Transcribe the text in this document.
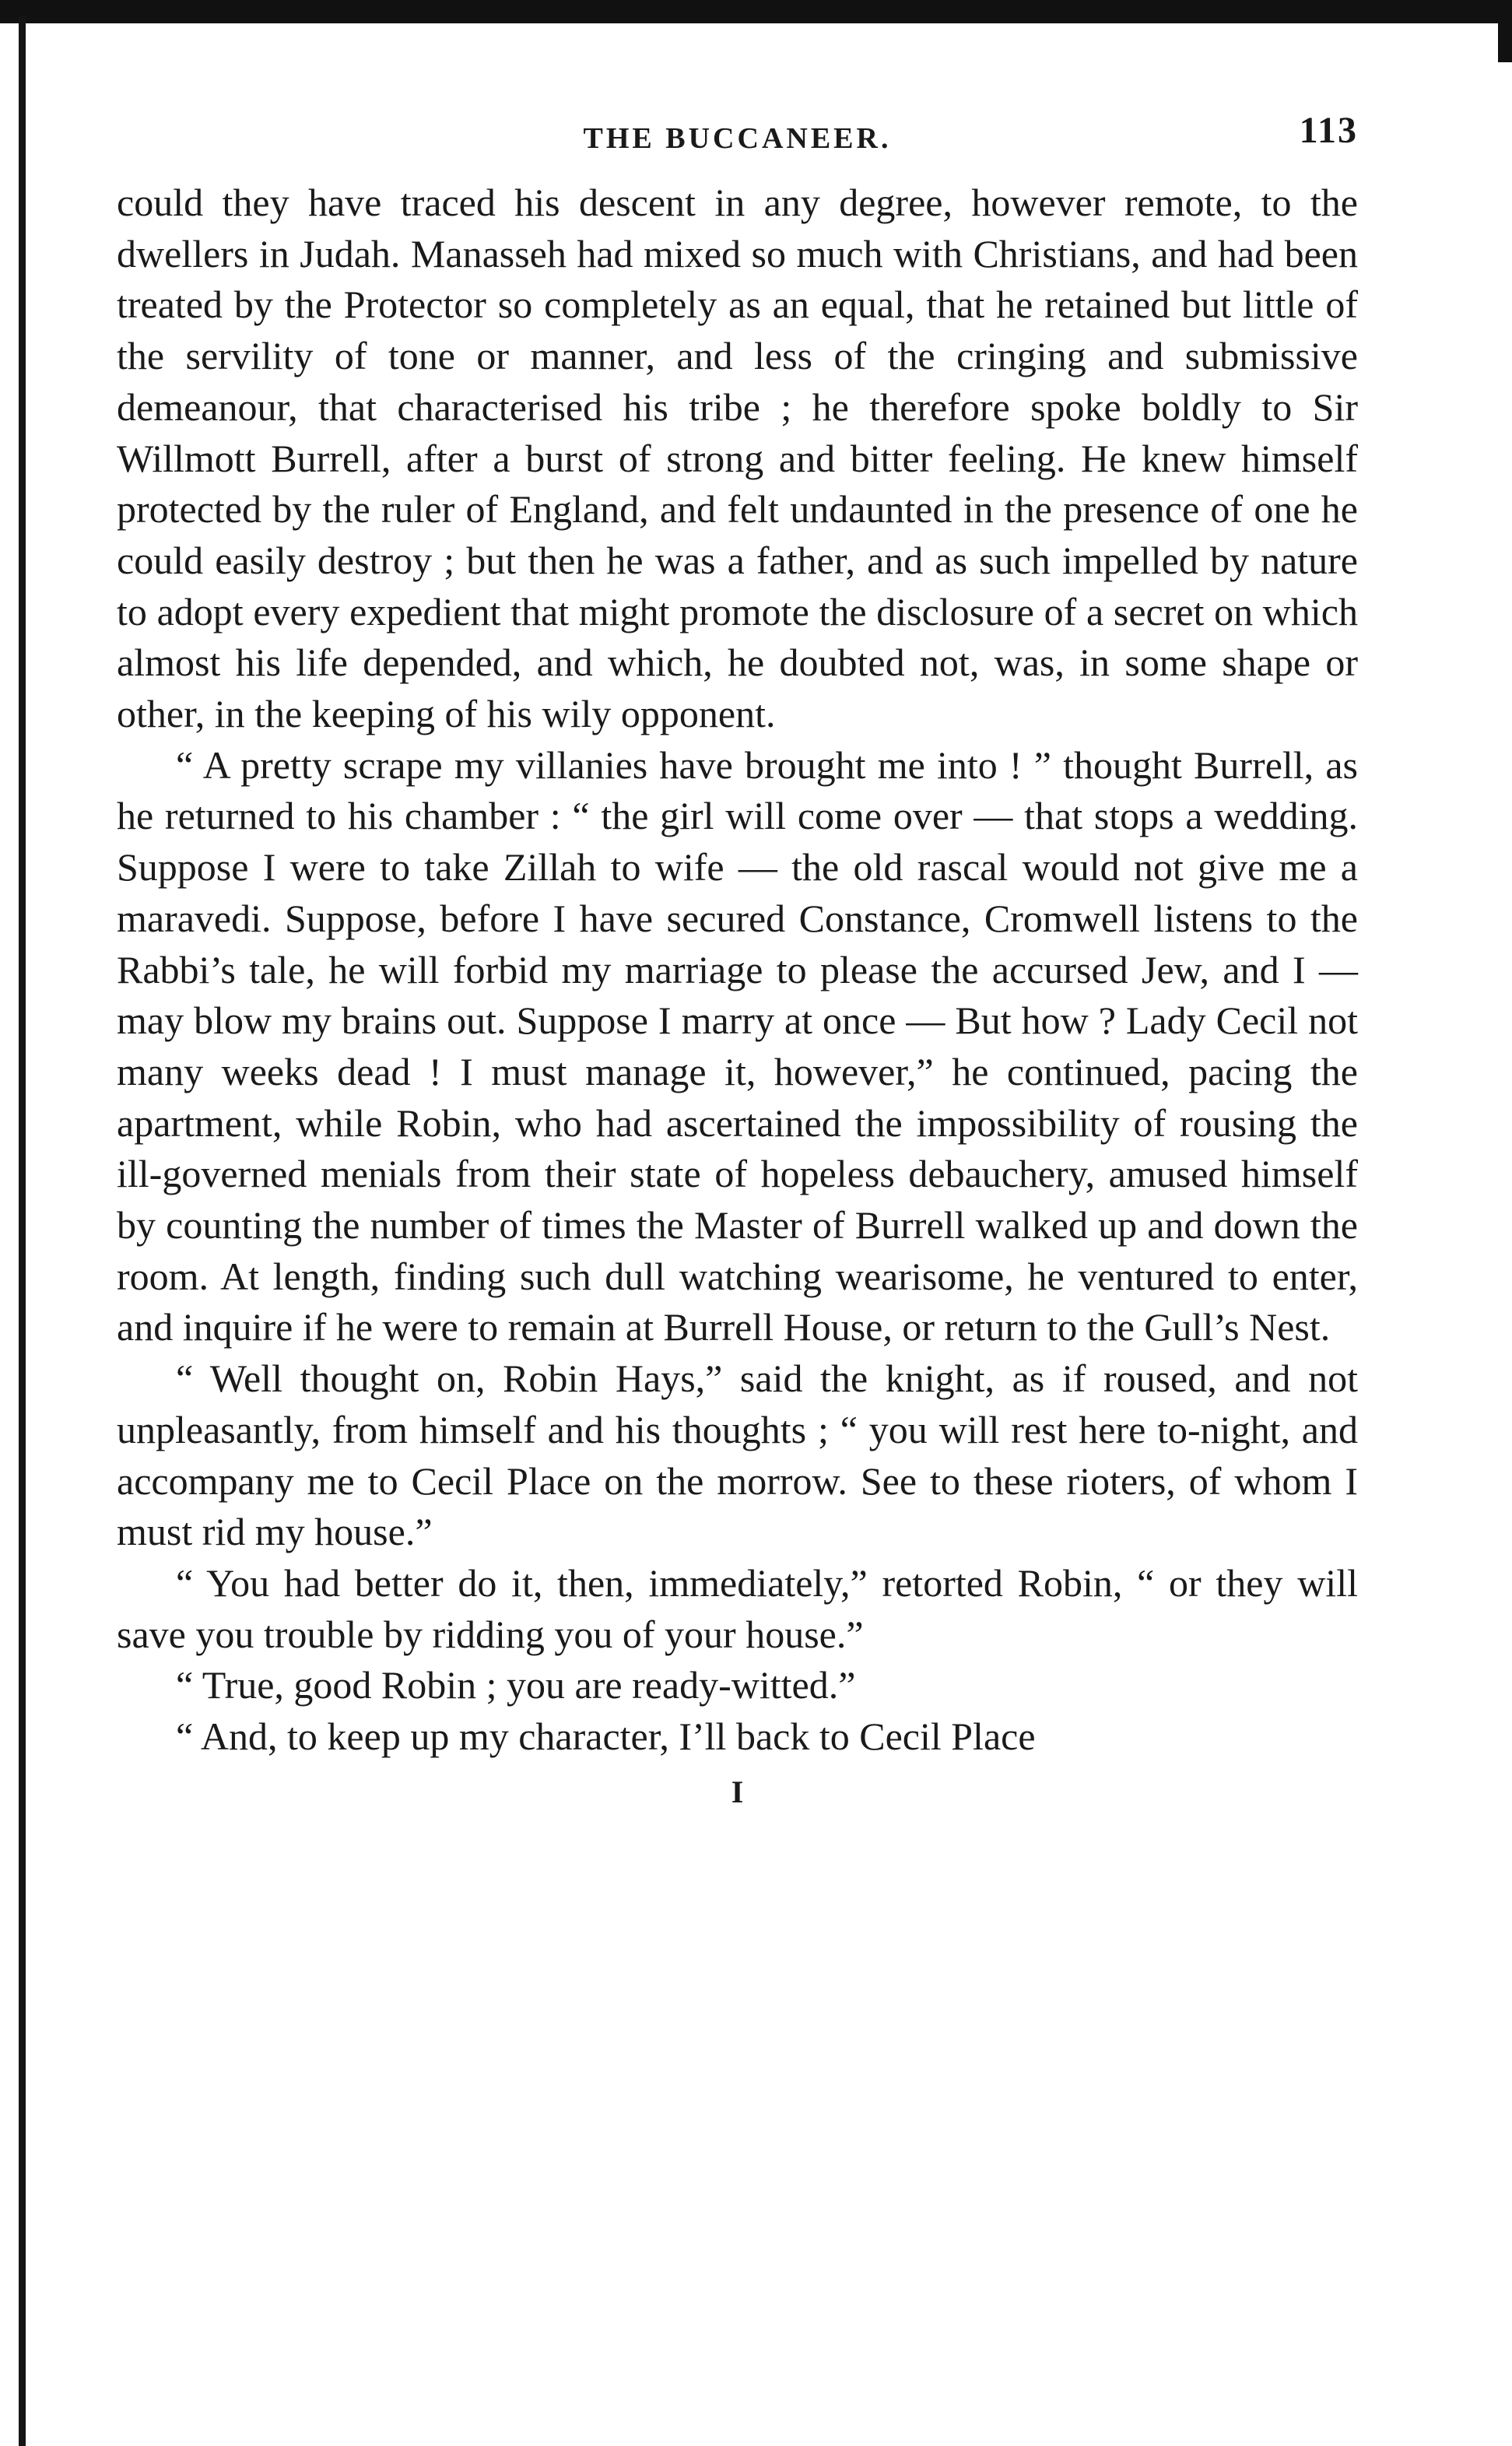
THE BUCCANEER.	113

could they have traced his descent in any degree, however remote, to the dwellers in Judah. Manasseh had mixed so much with Christians, and had been treated by the Protector so completely as an equal, that he retained but little of the servility of tone or manner, and less of the cringing and submissive demeanour, that characterised his tribe ; he therefore spoke boldly to Sir Willmott Burrell, after a burst of strong and bitter feeling. He knew himself protected by the ruler of England, and felt undaunted in the presence of one he could easily destroy ; but then he was a father, and as such impelled by nature to adopt every expedient that might promote the disclosure of a secret on which almost his life depended, and which, he doubted not, was, in some shape or other, in the keeping of his wily opponent.

“ A pretty scrape my villanies have brought me into ! ” thought Burrell, as he returned to his chamber : “ the girl will come over — that stops a wedding. Suppose I were to take Zillah to wife — the old rascal would not give me a maravedi. Suppose, before I have secured Constance, Cromwell listens to the Rabbi’s tale, he will forbid my marriage to please the accursed Jew, and I — may blow my brains out. Suppose I marry at once — But how ? Lady Cecil not many weeks dead ! I must manage it, however,” he continued, pacing the apartment, while Robin, who had ascertained the impossibility of rousing the ill-governed menials from their state of hopeless debauchery, amused himself by counting the number of times the Master of Burrell walked up and down the room. At length, finding such dull watching wearisome, he ventured to enter, and inquire if he were to remain at Burrell House, or return to the Gull’s Nest.

“ Well thought on, Robin Hays,” said the knight, as if roused, and not unpleasantly, from himself and his thoughts ; “ you will rest here to-night, and accompany me to Cecil Place on the morrow. See to these rioters, of whom I must rid my house.”

“ You had better do it, then, immediately,” retorted Robin, “ or they will save you trouble by ridding you of your house.”

“ True, good Robin ; you are ready-witted.”

“ And, to keep up my character, I’ll back to Cecil Place

I
